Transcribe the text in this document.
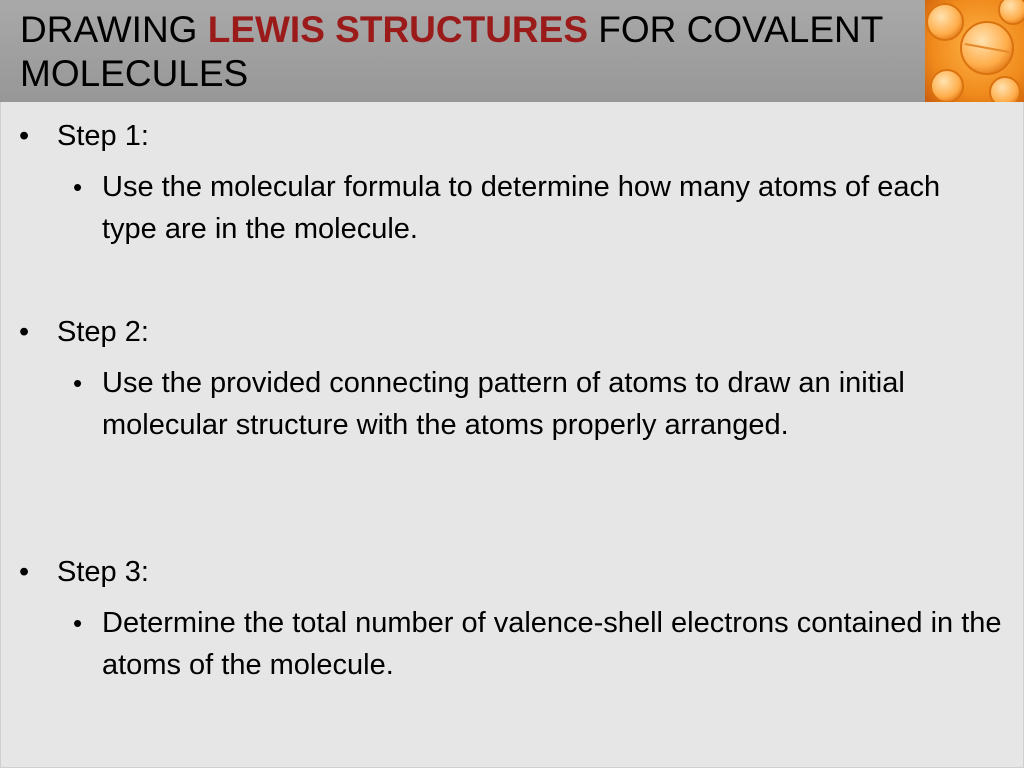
DRAWING LEWIS STRUCTURES FOR COVALENT MOLECULES
• Step 1:
• Use the molecular formula to determine how many atoms of each type are in the molecule.
• Step 2:
• Use the provided connecting pattern of atoms to draw an initial molecular structure with the atoms properly arranged.
• Step 3:
• Determine the total number of valence-shell electrons contained in the atoms of the molecule.
